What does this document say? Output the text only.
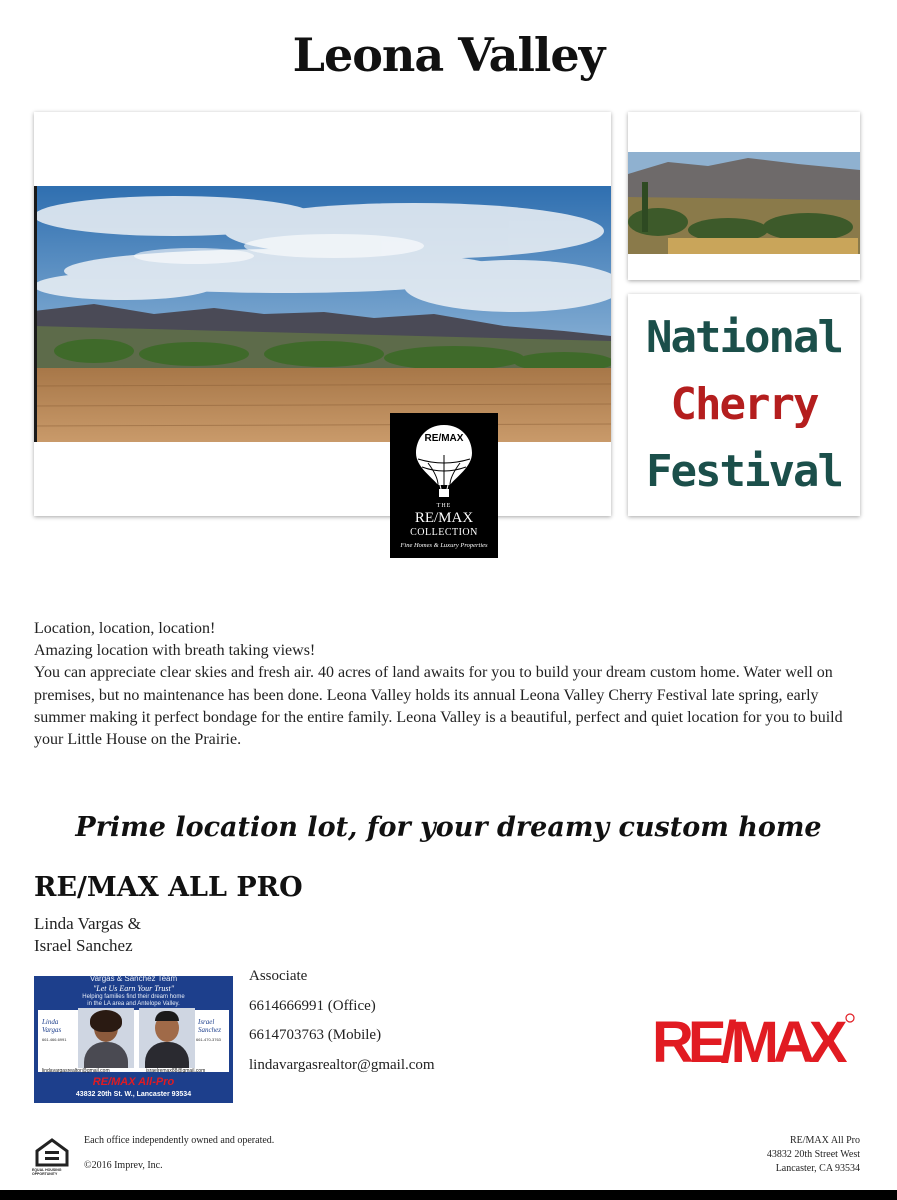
Leona Valley
National
Cherry
Festival
RE/MAX
THE
RE/MAX
COLLECTION
Fine Homes & Luxury Properties

Location, location, location!

Amazing location with breath taking views!

You can appreciate clear skies and fresh air. 40 acres of land awaits for you to build your dream custom home. Water well on premises, but no maintenance has been done. Leona Valley holds its annual Leona Valley Cherry Festival late spring, early summer making it perfect bondage for the entire family. Leona Valley is a beautiful, perfect and quiet location for you to build your Little House on the Prairie.

Prime location lot, for your dreamy custom home
RE/MAX ALL PRO
Linda Vargas &
Israel Sanchez
Vargas & Sanchez Team
"Let Us Earn Your Trust"
Helping families find their dream home
in the LA area and Antelope Valley.
Linda
Vargas
661.466.6991
Israel
Sanchez
661-470-3763
lindavargasrealtor@gmail.com	israelremax88@gmail.com
RE/MAX All-Pro
43832 20th St. W., Lancaster 93534
Associate
6614666991 (Office)
6614703763 (Mobile)
lindavargasrealtor@gmail.com	RE/MAX
EQUAL HOUSING OPPORTUNITY
Each office independently owned and operated.
©2016 Imprev, Inc.
RE/MAX All Pro
43832 20th Street West
Lancaster, CA 93534
